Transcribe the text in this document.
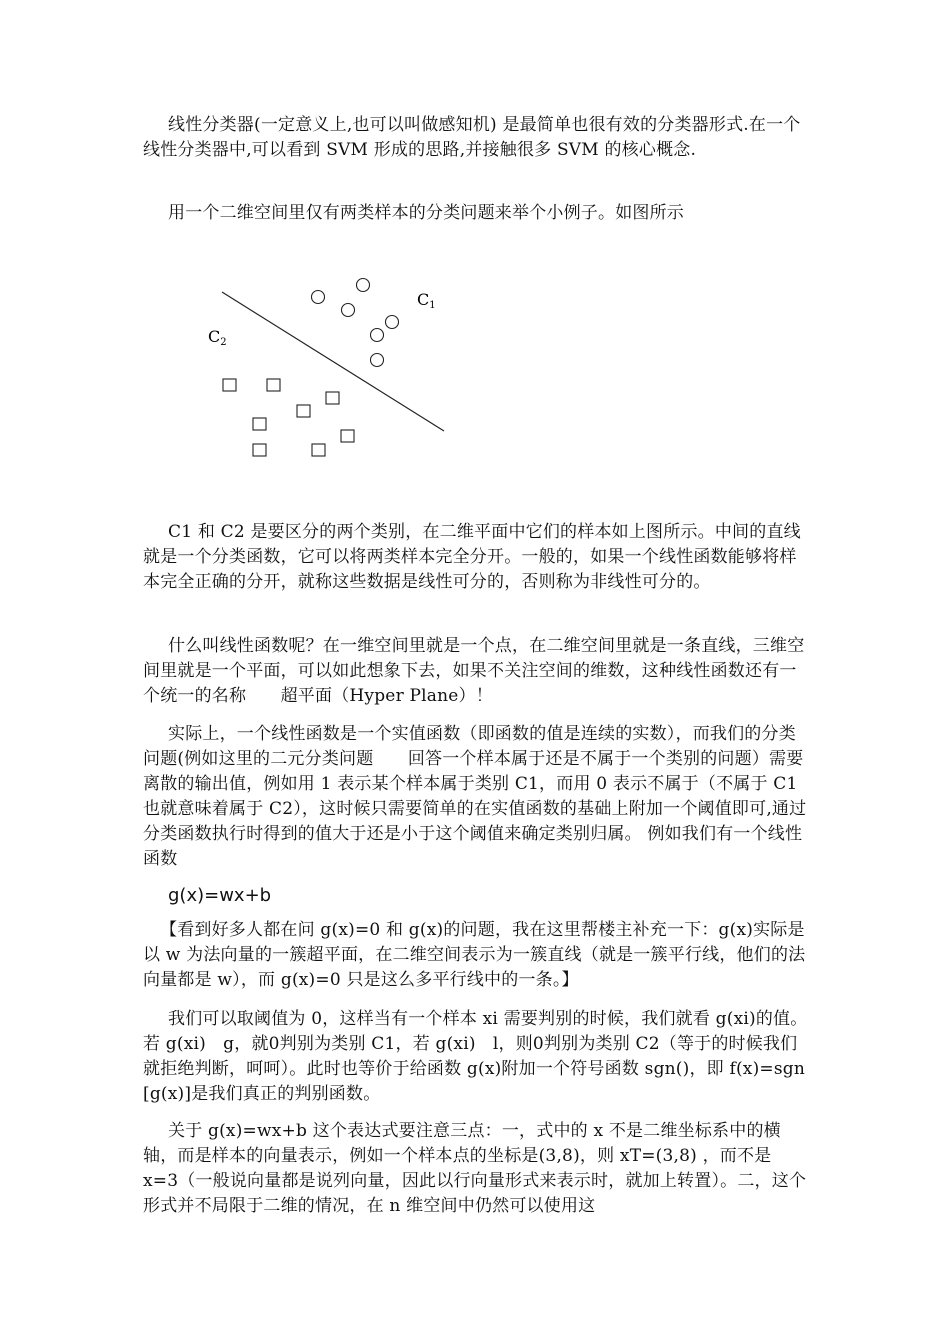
线性分类器(一定意义上,也可以叫做感知机) 是最简单也很有效的分类器形式.在一个线性分类器中,可以看到 SVM 形成的思路,并接触很多 SVM 的核心概念.

用一个二维空间里仅有两类样本的分类问题来举个小例子。如图所示

C1
C2

C1 和 C2 是要区分的两个类别，在二维平面中它们的样本如上图所示。中间的直线就是一个分类函数，它可以将两类样本完全分开。一般的，如果一个线性函数能够将样本完全正确的分开，就称这些数据是线性可分的，否则称为非线性可分的。

什么叫线性函数呢？在一维空间里就是一个点，在二维空间里就是一条直线，三维空间里就是一个平面，可以如此想象下去，如果不关注空间的维数，这种线性函数还有一个统一的名称　　超平面（Hyper Plane）！

实际上，一个线性函数是一个实值函数（即函数的值是连续的实数），而我们的分类问题(例如这里的二元分类问题　　回答一个样本属于还是不属于一个类别的问题）需要离散的输出值，例如用 1 表示某个样本属于类别 C1，而用 0 表示不属于（不属于 C1 也就意味着属于 C2），这时候只需要简单的在实值函数的基础上附加一个阈值即可,通过分类函数执行时得到的值大于还是小于这个阈值来确定类别归属。 例如我们有一个线性函数

g(x)=wx+b

【看到好多人都在问 g(x)=0 和 g(x)的问题，我在这里帮楼主补充一下：g(x)实际是以 w 为法向量的一簇超平面，在二维空间表示为一簇直线（就是一簇平行线，他们的法向量都是 w），而 g(x)=0 只是这么多平行线中的一条。】

我们可以取阈值为 0，这样当有一个样本 xi 需要判别的时候，我们就看 g(xi)的值。若 g(xi)　g，就0判别为类别 C1，若 g(xi)　l，则0判别为类别 C2（等于的时候我们就拒绝判断，呵呵）。此时也等价于给函数 g(x)附加一个符号函数 sgn()，即 f(x)=sgn [g(x)]是我们真正的判别函数。

关于 g(x)=wx+b 这个表达式要注意三点：一，式中的 x 不是二维坐标系中的横轴，而是样本的向量表示，例如一个样本点的坐标是(3,8)，则 xT=(3,8) ，而不是 x=3（一般说向量都是说列向量，因此以行向量形式来表示时，就加上转置）。二，这个形式并不局限于二维的情况，在 n 维空间中仍然可以使用这
